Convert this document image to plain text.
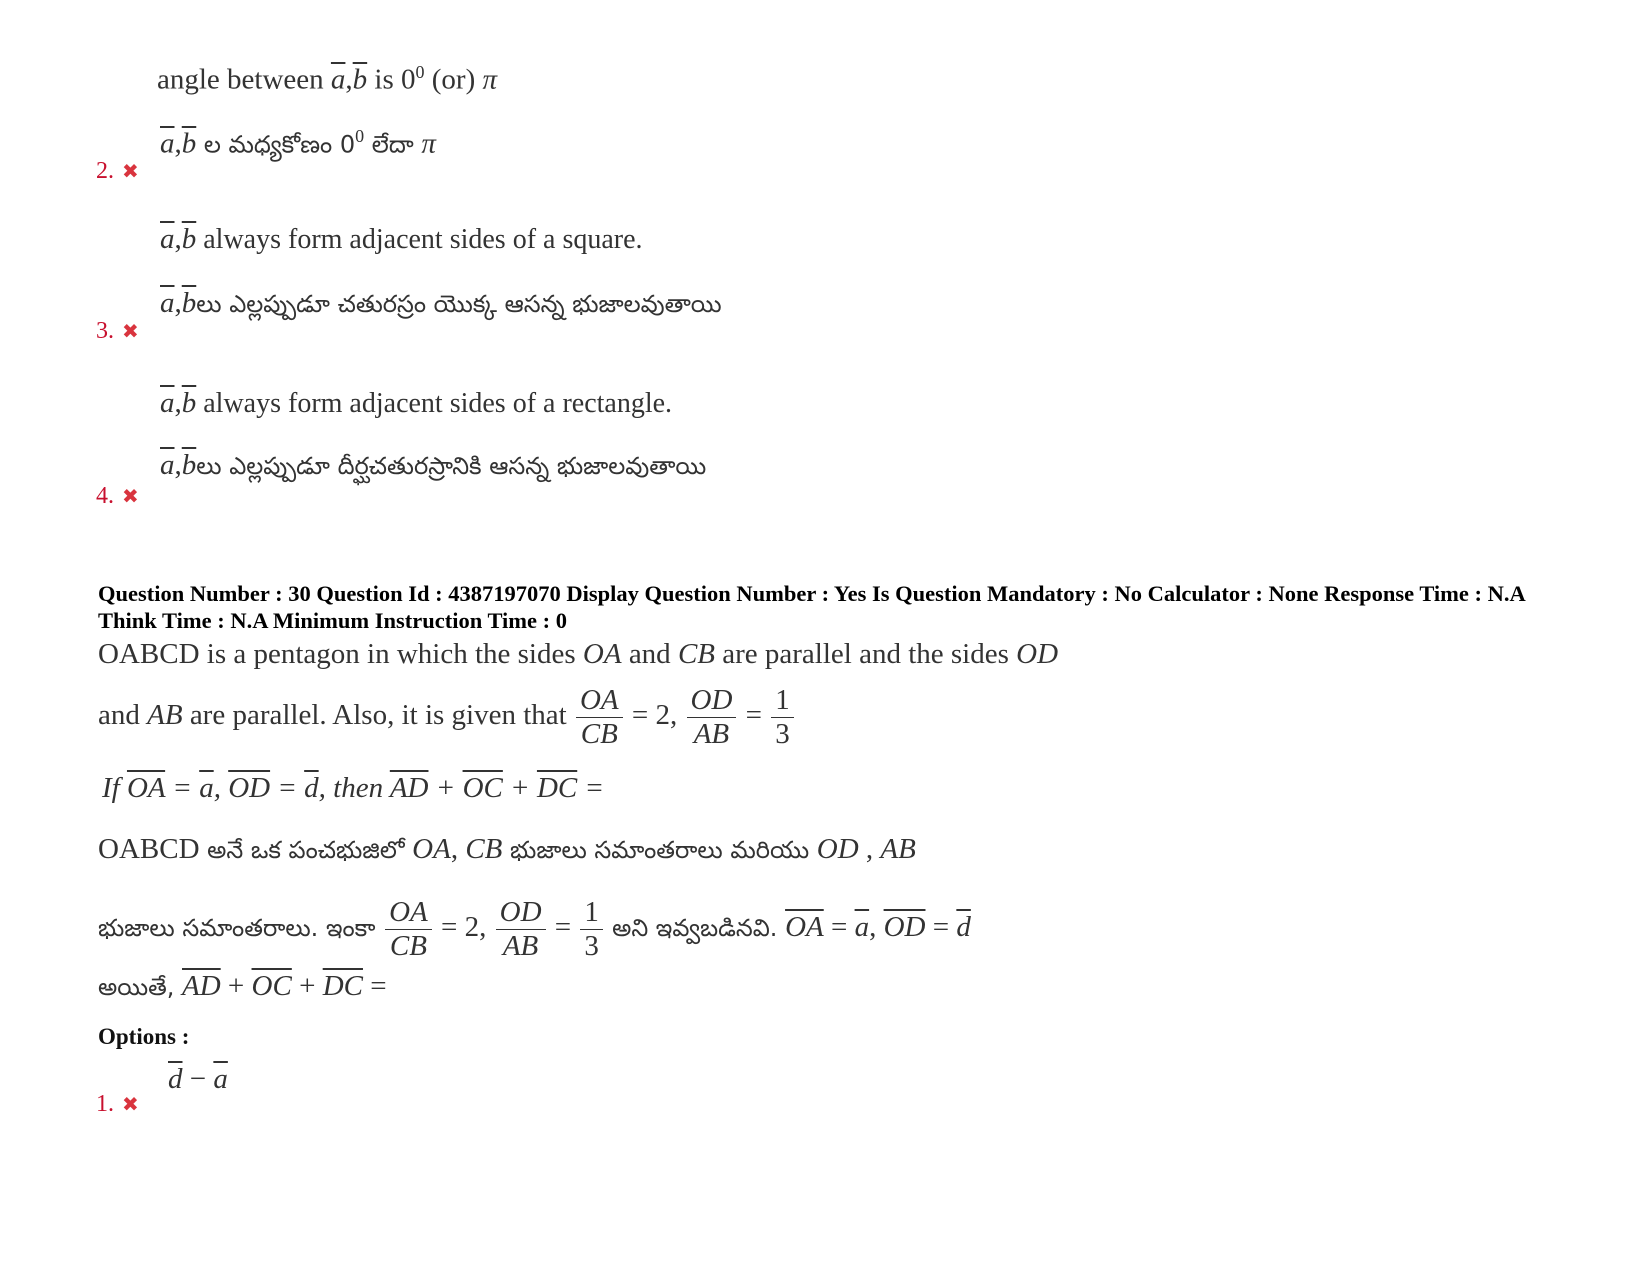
angle between $\overline{a},\overline{b}$ is $0^0$ (or) π
$\overline{a},\overline{b}$ ల మధ్యకోణం $0^0$ లేదా π
2. ✖
$\overline{a},\overline{b}$ always form adjacent sides of a square.
$\overline{a},\overline{b}లు$ ఎల్లప్పుడూ చతురస్రం యొక్క ఆసన్న భుజాలవుతాయి
3. ✖
$\overline{a},\overline{b}$ always form adjacent sides of a rectangle.
$\overline{a},\overline{b}లు$ ఎల్లప్పుడూ దీర్ఘచతురస్రానికి ఆసన్న భుజాలవుతాయి
4. ✖
Question Number : 30 Question Id : 4387197070 Display Question Number : Yes Is Question Mandatory : No Calculator : None Response Time : N.A Think Time : N.A Minimum Instruction Time : 0
OABCD is a pentagon in which the sides OA and CB are parallel and the sides OD
and AB are parallel. Also, it is given that $\frac{OA}{CB} = 2$, $\frac{OD}{AB} = \frac{1}{3}$
If $\overline{OA} = \overline{a}$, $\overline{OD} = \overline{d}$, then $\overline{AD} + \overline{OC} + \overline{DC}$ =
OABCD అనే ఒక పంచభుజిలో OA, CB భుజాలు సమాంతరాలు మరియు OD , AB
భుజాలు సమాంతరాలు. ఇంకా $\frac{OA}{CB} = 2$, $\frac{OD}{AB} = \frac{1}{3}$ అని ఇవ్వబడినవి. $\overline{OA} = \overline{a}$, $\overline{OD} = \overline{d}$
అయితే, $\overline{AD} + \overline{OC} + \overline{DC}$ =
Options :
$\overline{d} - \overline{a}$
1. ✖
